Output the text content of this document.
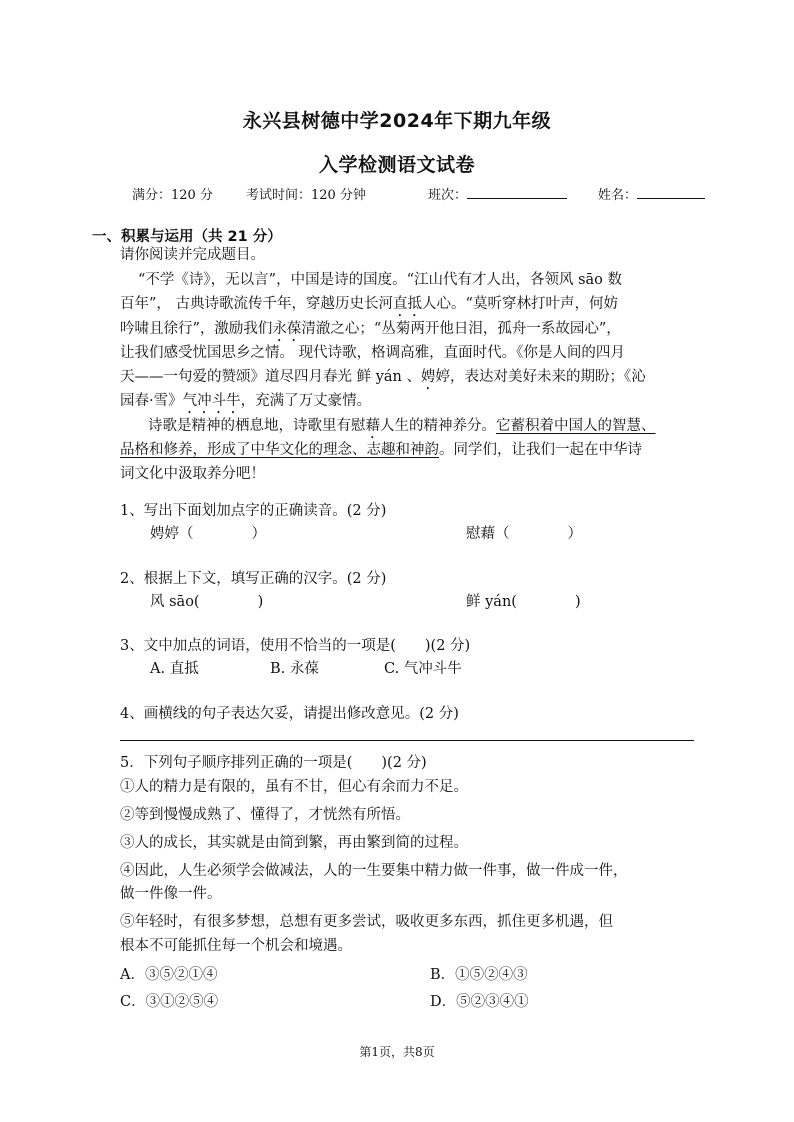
永兴县树德中学2024年下期九年级
入学检测语文试卷
满分：120 分	考试时间：120 分钟	班次：	姓名：
一、积累与运用（共 21 分）
请你阅读并完成题目。
“不学《诗》，无以言”，中国是诗的国度。“江山代有才人出，各领风 sāo 数
百年”， 古典诗歌流传千年，穿越历史长河直抵人心。“莫听穿林打叶声，何妨
吟啸且徐行”，激励我们永葆清澈之心；“丛菊两开他日泪，孤舟一系故园心”，
让我们感受忧国思乡之情。 现代诗歌，格调高雅，直面时代。《你是人间的四月
天——一句爱的赞颂》道尽四月春光 鲜 yán 、娉婷，表达对美好未来的期盼；《沁
园春·雪》气冲斗牛，充满了万丈豪情。
诗歌是精神的栖息地，诗歌里有慰藉人生的精神养分。它蓄积着中国人的智慧、
品格和修养，形成了中华文化的理念、志趣和神韵。同学们，让我们一起在中华诗
词文化中汲取养分吧！
1、写出下面划加点字的正确读音。(2 分)
娉婷（　　　　）	慰藉（　　　　）
2、根据上下文，填写正确的汉字。(2 分)
风 sāo(　　　　)	鲜 yán(　　　　)
3、文中加点的词语，使用不恰当的一项是(　　)(2 分)
A. 直抵	B. 永葆	C. 气冲斗牛
4、画横线的句子表达欠妥，请提出修改意见。(2 分)
5．下列句子顺序排列正确的一项是(　　)(2 分)
①人的精力是有限的，虽有不甘，但心有余而力不足。
②等到慢慢成熟了、懂得了，才恍然有所悟。
③人的成长，其实就是由简到繁，再由繁到简的过程。
④因此，人生必须学会做减法，人的一生要集中精力做一件事，做一件成一件，
做一件像一件。
⑤年轻时，有很多梦想，总想有更多尝试，吸收更多东西，抓住更多机遇，但
根本不可能抓住每一个机会和境遇。
A．③⑤②①④	B．①⑤②④③
C．③①②⑤④	D．⑤②③④①
第1页，共8页
